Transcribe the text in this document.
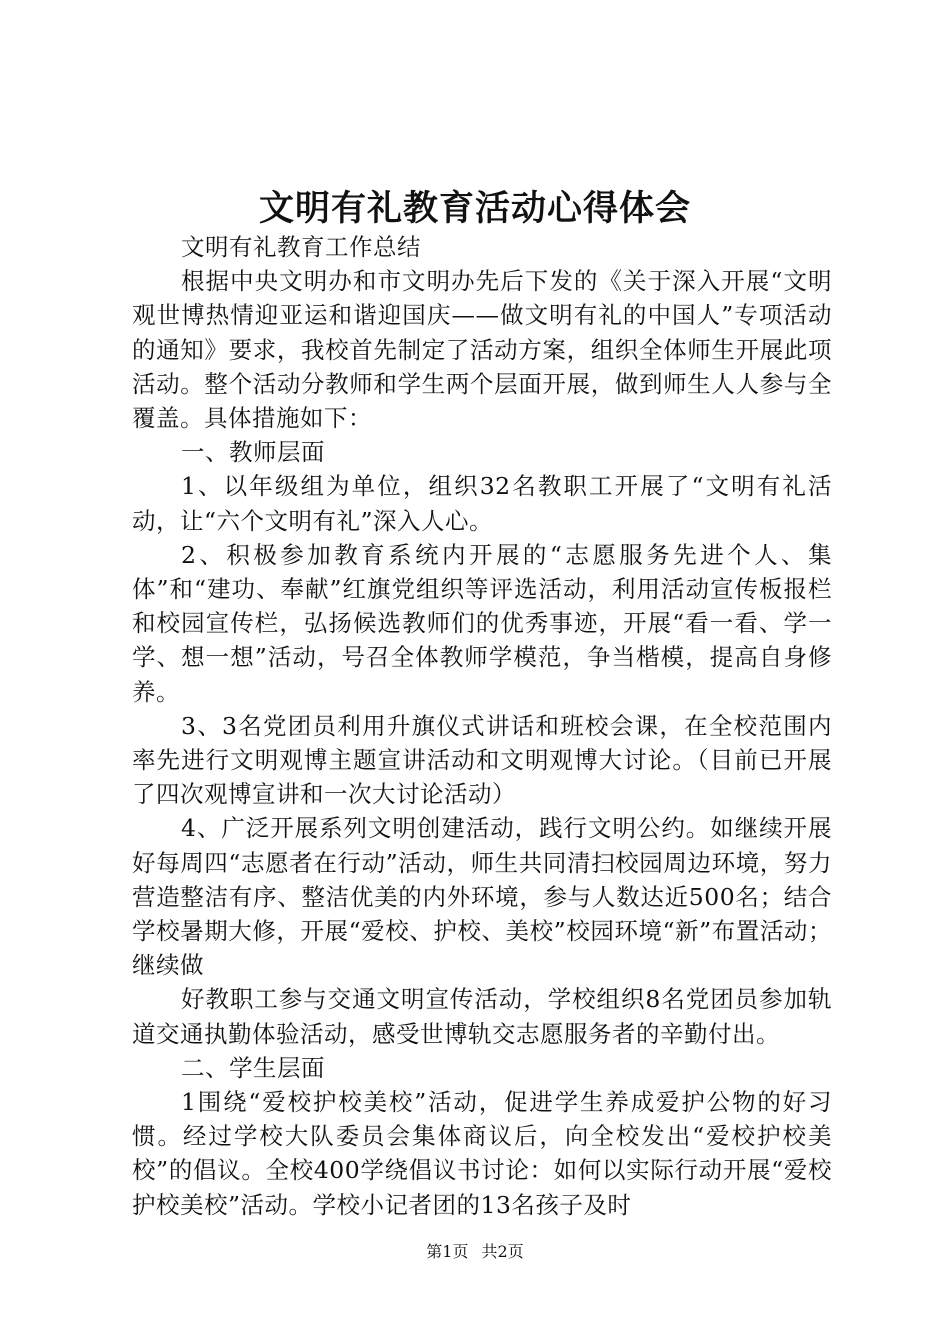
文明有礼教育活动心得体会

文明有礼教育工作总结

根据中央文明办和市文明办先后下发的《关于深入开展“文明观世博热情迎亚运和谐迎国庆——做文明有礼的中国人”专项活动的通知》要求，我校首先制定了活动方案，组织全体师生开展此项活动。整个活动分教师和学生两个层面开展，做到师生人人参与全覆盖。具体措施如下：

一、教师层面

1、以年级组为单位，组织32名教职工开展了“文明有礼活动，让“六个文明有礼”深入人心。

2、积极参加教育系统内开展的“志愿服务先进个人、集体”和“建功、奉献”红旗党组织等评选活动，利用活动宣传板报栏和校园宣传栏，弘扬候选教师们的优秀事迹，开展“看一看、学一学、想一想”活动，号召全体教师学模范，争当楷模，提高自身修养。

3、3名党团员利用升旗仪式讲话和班校会课，在全校范围内率先进行文明观博主题宣讲活动和文明观博大讨论。（目前已开展了四次观博宣讲和一次大讨论活动）

4、广泛开展系列文明创建活动，践行文明公约。如继续开展好每周四“志愿者在行动”活动，师生共同清扫校园周边环境，努力营造整洁有序、整洁优美的内外环境，参与人数达近500名；结合学校暑期大修，开展“爱校、护校、美校”校园环境“新”布置活动；继续做

好教职工参与交通文明宣传活动，学校组织8名党团员参加轨道交通执勤体验活动，感受世博轨交志愿服务者的辛勤付出。

二、学生层面

1围绕“爱校护校美校”活动，促进学生养成爱护公物的好习惯。经过学校大队委员会集体商议后，向全校发出“爱校护校美校”的倡议。全校400学绕倡议书讨论：如何以实际行动开展“爱校护校美校”活动。学校小记者团的13名孩子及时

第1页 共2页
